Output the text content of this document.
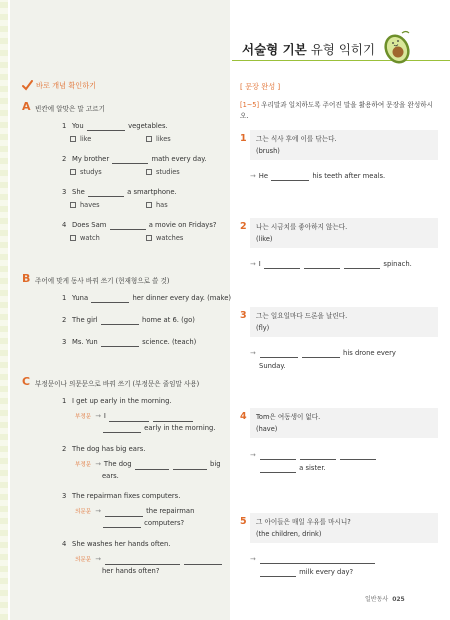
서술형 기본 유형 익히기
바로 개념 확인하기
A 빈칸에 알맞은 말 고르기
1 You	vegetables.
like	likes
2 My brother	math every day.
studys	studies
3 She	a smartphone.
haves	has
4 Does Sam	a movie on Fridays?
watch	watches
B 주어에 맞게 동사 바꿔 쓰기 (현재형으로 쓸 것)
1 Yuna	her dinner every day. (make)
2 The girl	home at 6. (go)
3 Ms. Yun	science. (teach)
C 부정문이나 의문문으로 바꿔 쓰기 (부정문은 줄임말 사용)
1 I get up early in the morning.
부정문 → I
early in the morning.
2 The dog has big ears.
부정문 → The dog	big
ears.
3 The repairman fixes computers.
의문문 →	the repairman
computers?
4 She washes her hands often.
의문문 →
her hands often?
[ 문장 완성 ]
[1~5] 우리말과 일치하도록 주어진 말을 활용하여 문장을 완성하시오.
1 그는 식사 후에 이를 닦는다.
(brush)
→ He	his teeth after meals.
2 나는 시금치를 좋아하지 않는다.
(like)
→ I	spinach.
3 그는 일요일마다 드론을 날린다.
(fly)
→	his drone every
Sunday.
4 Tom은 여동생이 없다.
(have)
→
a sister.
5 그 아이들은 매일 우유를 마시니?
(the children, drink)
→
milk every day?
일반동사 025
